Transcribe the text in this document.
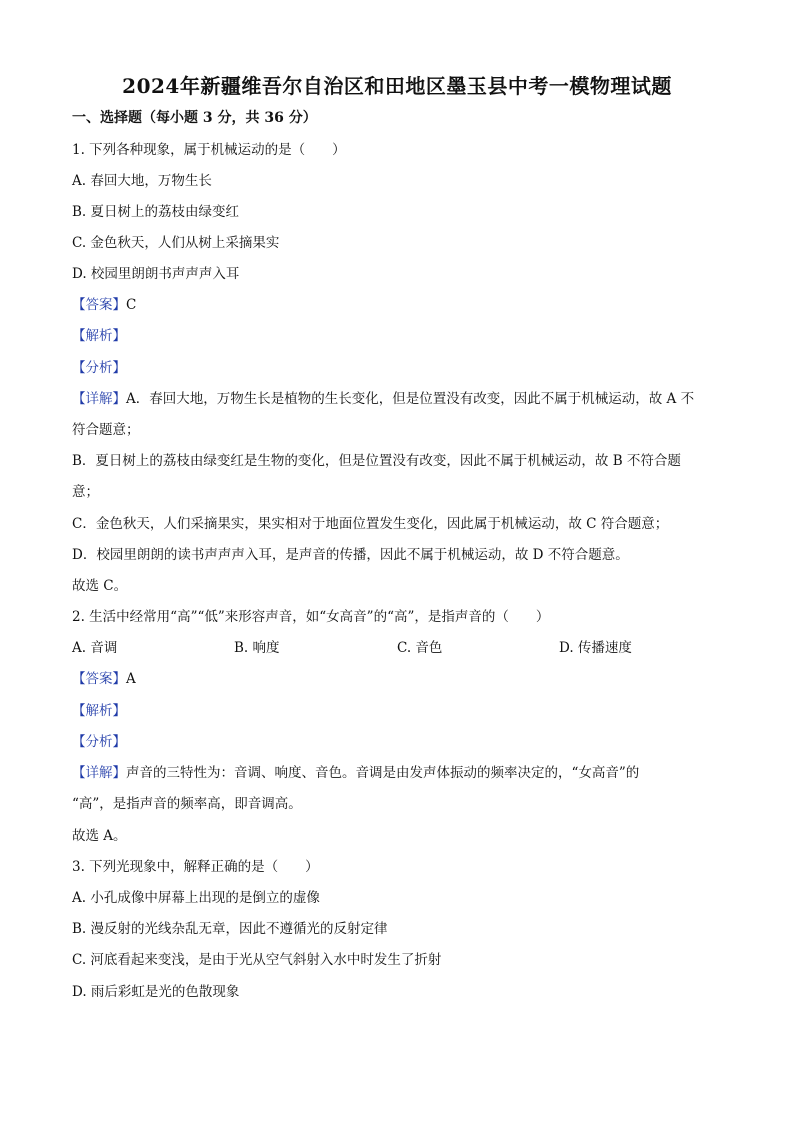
2024年新疆维吾尔自治区和田地区墨玉县中考一模物理试题
一、选择题（每小题 3 分，共 36 分）
1. 下列各种现象，属于机械运动的是（　　）
A. 春回大地，万物生长
B. 夏日树上的荔枝由绿变红
C. 金色秋天，人们从树上采摘果实
D. 校园里朗朗书声声声入耳
【答案】C
【解析】
【分析】
【详解】A．春回大地，万物生长是植物的生长变化，但是位置没有改变，因此不属于机械运动，故 A 不
符合题意；
B．夏日树上的荔枝由绿变红是生物的变化，但是位置没有改变，因此不属于机械运动，故 B 不符合题
意；
C．金色秋天，人们采摘果实，果实相对于地面位置发生变化，因此属于机械运动，故 C 符合题意；
D．校园里朗朗的读书声声声入耳，是声音的传播，因此不属于机械运动，故 D 不符合题意。
故选 C。
2. 生活中经常用“高”“低”来形容声音，如“女高音”的“高”，是指声音的（　　）
A. 音调	B. 响度	C. 音色	D. 传播速度
【答案】A
【解析】
【分析】
【详解】声音的三特性为：音调、响度、音色。音调是由发声体振动的频率决定的，“女高音”的
“高”，是指声音的频率高，即音调高。
故选 A。
3. 下列光现象中，解释正确的是（　　）
A. 小孔成像中屏幕上出现的是倒立的虚像
B. 漫反射的光线杂乱无章，因此不遵循光的反射定律
C. 河底看起来变浅，是由于光从空气斜射入水中时发生了折射
D. 雨后彩虹是光的色散现象
